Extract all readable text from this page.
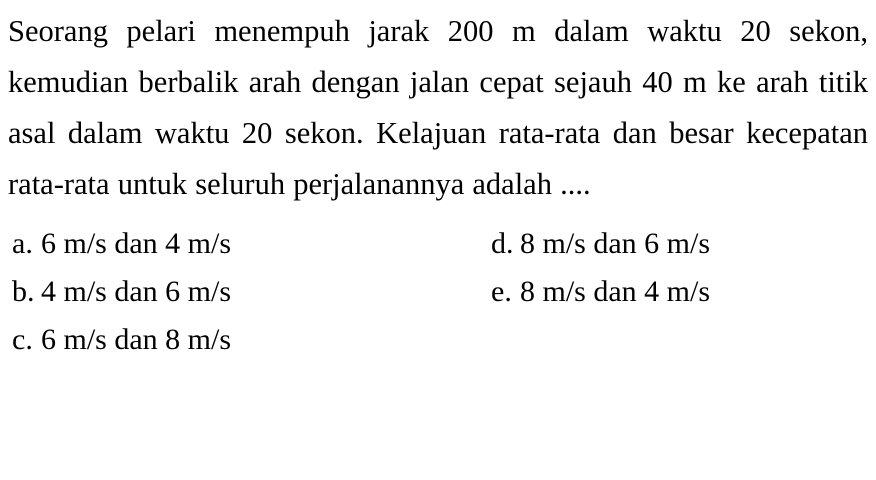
Seorang pelari menempuh jarak 200 m dalam waktu 20 sekon, kemudian berbalik arah dengan jalan cepat sejauh 40 m ke arah titik asal dalam waktu 20 sekon. Kelajuan rata-rata dan besar kecepatan rata-rata untuk seluruh perjalanannya adalah ....

a. 6 m/s dan 4 m/s
b. 4 m/s dan 6 m/s
c. 6 m/s dan 8 m/s
d. 8 m/s dan 6 m/s
e. 8 m/s dan 4 m/s
